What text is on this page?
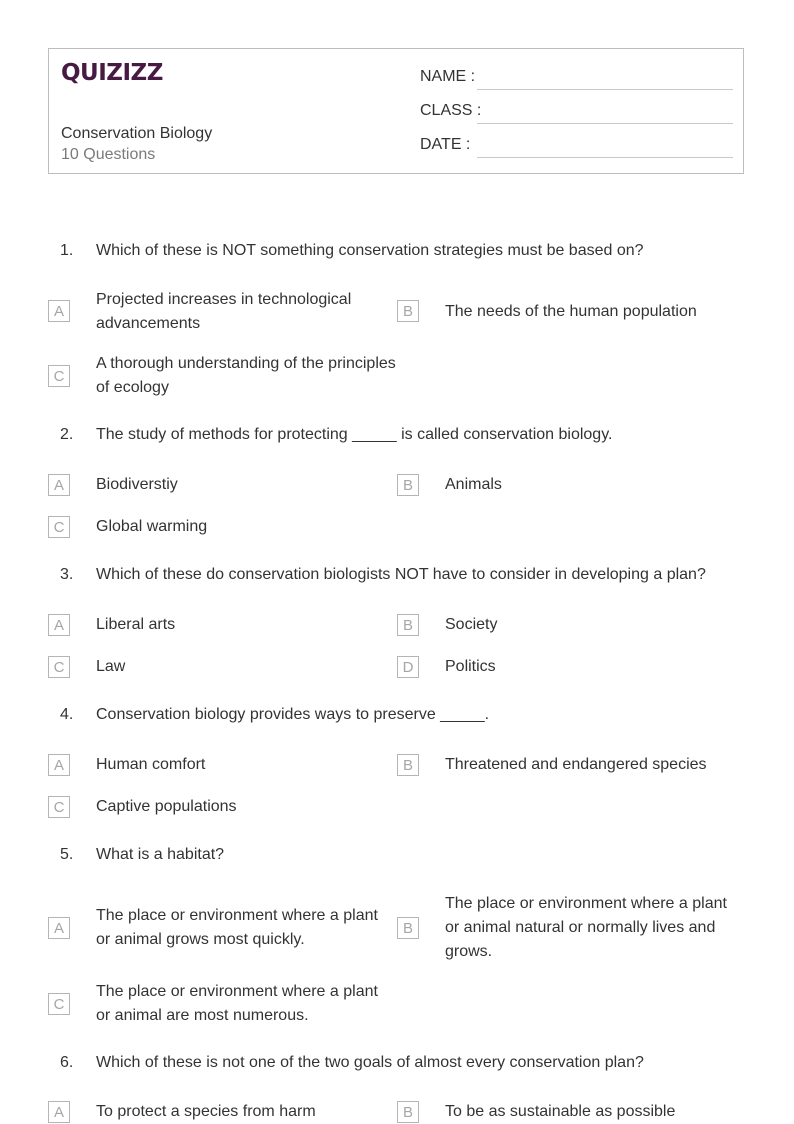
QUIZIZZ
Conservation Biology
10 Questions
NAME :
CLASS :
DATE :
1. Which of these is NOT something conservation strategies must be based on?
A
Projected increases in technological advancements
B	The needs of the human population
C
A thorough understanding of the principles of ecology
2. The study of methods for protecting _____ is called conservation biology.
A	Biodiverstiy	B	Animals
C	Global warming
3. Which of these do conservation biologists NOT have to consider in developing a plan?
A	Liberal arts	B	Society
C	Law	D	Politics
4. Conservation biology provides ways to preserve _____.
A	Human comfort	B	Threatened and endangered species
C	Captive populations
5. What is a habitat?
A
The place or environment where a plant or animal grows most quickly.
B
The place or environment where a plant or animal natural or normally lives and grows.
C
The place or environment where a plant or animal are most numerous.
6. Which of these is not one of the two goals of almost every conservation plan?
A	To protect a species from harm	B	To be as sustainable as possible
